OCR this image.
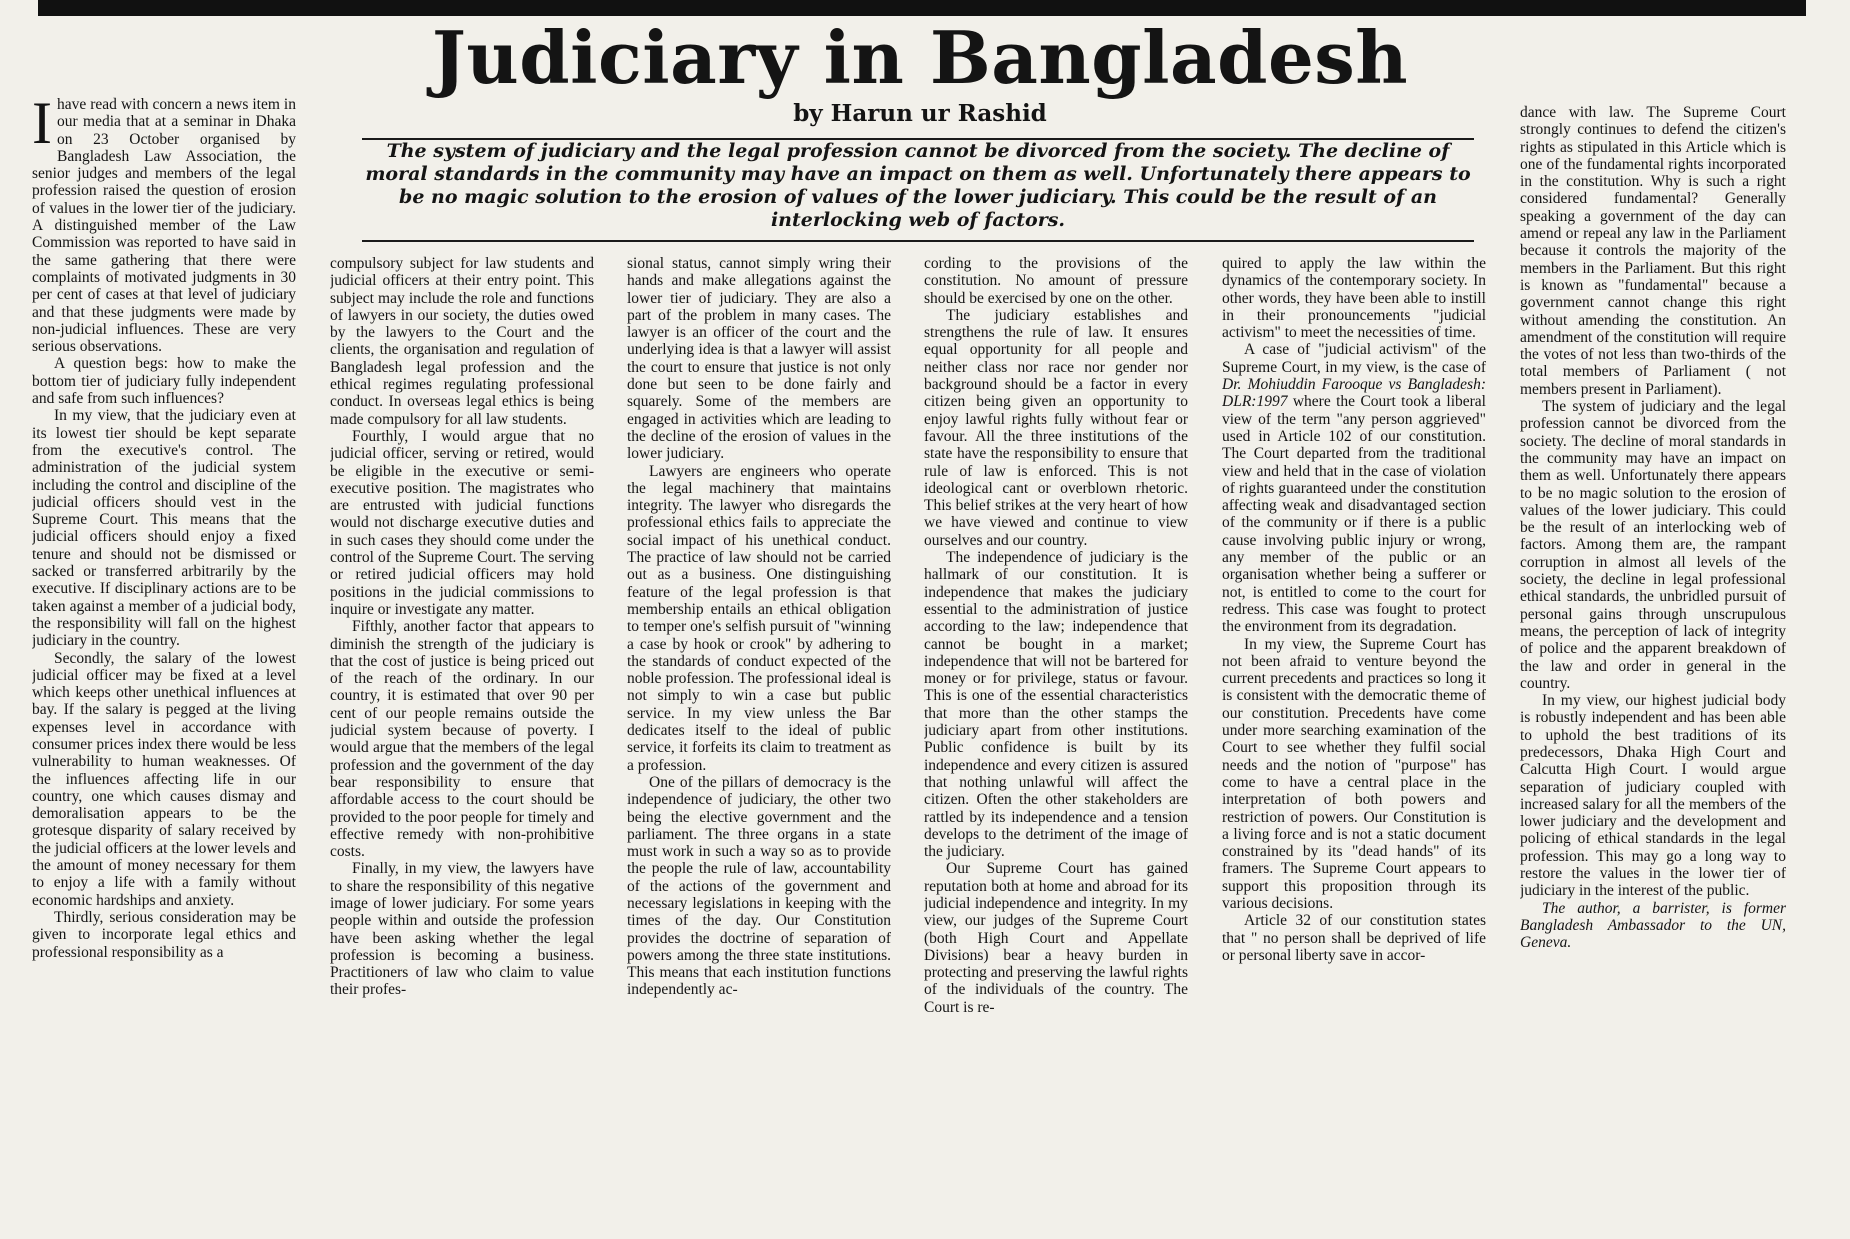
Judiciary in Bangladesh
by Harun ur Rashid
The system of judiciary and the legal profession cannot be divorced from the society. The decline of moral standards in the community may have an impact on them as well. Unfortunately there appears to be no magic solution to the erosion of values of the lower judiciary. This could be the result of an interlocking web of factors.
I have read with concern a news item in our media that at a seminar in Dhaka on 23 October organised by Bangladesh Law Association, the senior judges and members of the legal profession raised the question of erosion of values in the lower tier of the judiciary. A distinguished member of the Law Commission was reported to have said in the same gathering that there were complaints of motivated judgments in 30 per cent of cases at that level of judiciary and that these judgments were made by non-judicial influences. These are very serious observations.

A question begs: how to make the bottom tier of judiciary fully independent and safe from such influences?

In my view, that the judiciary even at its lowest tier should be kept separate from the executive's control. The administration of the judicial system including the control and discipline of the judicial officers should vest in the Supreme Court. This means that the judicial officers should enjoy a fixed tenure and should not be dismissed or sacked or transferred arbitrarily by the executive. If disciplinary actions are to be taken against a member of a judicial body, the responsibility will fall on the highest judiciary in the country.

Secondly, the salary of the lowest judicial officer may be fixed at a level which keeps other unethical influences at bay. If the salary is pegged at the living expenses level in accordance with consumer prices index there would be less vulnerability to human weaknesses. Of the influences affecting life in our country, one which causes dismay and demoralisation appears to be the grotesque disparity of salary received by the judicial officers at the lower levels and the amount of money necessary for them to enjoy a life with a family without economic hardships and anxiety.

Thirdly, serious consideration may be given to incorporate legal ethics and professional responsibility as a

compulsory subject for law students and judicial officers at their entry point. This subject may include the role and functions of lawyers in our society, the duties owed by the lawyers to the Court and the clients, the organisation and regulation of Bangladesh legal profession and the ethical regimes regulating professional conduct. In overseas legal ethics is being made compulsory for all law students.

Fourthly, I would argue that no judicial officer, serving or retired, would be eligible in the executive or semi-executive position. The magistrates who are entrusted with judicial functions would not discharge executive duties and in such cases they should come under the control of the Supreme Court. The serving or retired judicial officers may hold positions in the judicial commissions to inquire or investigate any matter.

Fifthly, another factor that appears to diminish the strength of the judiciary is that the cost of justice is being priced out of the reach of the ordinary. In our country, it is estimated that over 90 per cent of our people remains outside the judicial system because of poverty. I would argue that the members of the legal profession and the government of the day bear responsibility to ensure that affordable access to the court should be provided to the poor people for timely and effective remedy with non-prohibitive costs.

Finally, in my view, the lawyers have to share the responsibility of this negative image of lower judiciary. For some years people within and outside the profession have been asking whether the legal profession is becoming a business. Practitioners of law who claim to value their profes-

sional status, cannot simply wring their hands and make allegations against the lower tier of judiciary. They are also a part of the problem in many cases. The lawyer is an officer of the court and the underlying idea is that a lawyer will assist the court to ensure that justice is not only done but seen to be done fairly and squarely. Some of the members are engaged in activities which are leading to the decline of the erosion of values in the lower judiciary.

Lawyers are engineers who operate the legal machinery that maintains integrity. The lawyer who disregards the professional ethics fails to appreciate the social impact of his unethical conduct. The practice of law should not be carried out as a business. One distinguishing feature of the legal profession is that membership entails an ethical obligation to temper one's selfish pursuit of "winning a case by hook or crook" by adhering to the standards of conduct expected of the noble profession. The professional ideal is not simply to win a case but public service. In my view unless the Bar dedicates itself to the ideal of public service, it forfeits its claim to treatment as a profession.

One of the pillars of democracy is the independence of judiciary, the other two being the elective government and the parliament. The three organs in a state must work in such a way so as to provide the people the rule of law, accountability of the actions of the government and necessary legislations in keeping with the times of the day. Our Constitution provides the doctrine of separation of powers among the three state institutions. This means that each institution functions independently ac-

cording to the provisions of the constitution. No amount of pressure should be exercised by one on the other.

The judiciary establishes and strengthens the rule of law. It ensures equal opportunity for all people and neither class nor race nor gender nor background should be a factor in every citizen being given an opportunity to enjoy lawful rights fully without fear or favour. All the three institutions of the state have the responsibility to ensure that rule of law is enforced. This is not ideological cant or overblown rhetoric. This belief strikes at the very heart of how we have viewed and continue to view ourselves and our country.

The independence of judiciary is the hallmark of our constitution. It is independence that makes the judiciary essential to the administration of justice according to the law; independence that cannot be bought in a market; independence that will not be bartered for money or for privilege, status or favour. This is one of the essential characteristics that more than the other stamps the judiciary apart from other institutions. Public confidence is built by its independence and every citizen is assured that nothing unlawful will affect the citizen. Often the other stakeholders are rattled by its independence and a tension develops to the detriment of the image of the judiciary.

Our Supreme Court has gained reputation both at home and abroad for its judicial independence and integrity. In my view, our judges of the Supreme Court (both High Court and Appellate Divisions) bear a heavy burden in protecting and preserving the lawful rights of the individuals of the country. The Court is re-

quired to apply the law within the dynamics of the contemporary society. In other words, they have been able to instill in their pronouncements "judicial activism" to meet the necessities of time.

A case of "judicial activism" of the Supreme Court, in my view, is the case of Dr. Mohiuddin Farooque vs Bangladesh: DLR:1997 where the Court took a liberal view of the term "any person aggrieved" used in Article 102 of our constitution. The Court departed from the traditional view and held that in the case of violation of rights guaranteed under the constitution affecting weak and disadvantaged section of the community or if there is a public cause involving public injury or wrong, any member of the public or an organisation whether being a sufferer or not, is entitled to come to the court for redress. This case was fought to protect the environment from its degradation.

In my view, the Supreme Court has not been afraid to venture beyond the current precedents and practices so long it is consistent with the democratic theme of our constitution. Precedents have come under more searching examination of the Court to see whether they fulfil social needs and the notion of "purpose" has come to have a central place in the interpretation of both powers and restriction of powers. Our Constitution is a living force and is not a static document constrained by its "dead hands" of its framers. The Supreme Court appears to support this proposition through its various decisions.

Article 32 of our constitution states that " no person shall be deprived of life or personal liberty save in accor-

dance with law. The Supreme Court strongly continues to defend the citizen's rights as stipulated in this Article which is one of the fundamental rights incorporated in the constitution. Why is such a right considered fundamental? Generally speaking a government of the day can amend or repeal any law in the Parliament because it controls the majority of the members in the Parliament. But this right is known as "fundamental" because a government cannot change this right without amending the constitution. An amendment of the constitution will require the votes of not less than two-thirds of the total members of Parliament ( not members present in Parliament).

The system of judiciary and the legal profession cannot be divorced from the society. The decline of moral standards in the community may have an impact on them as well. Unfortunately there appears to be no magic solution to the erosion of values of the lower judiciary. This could be the result of an interlocking web of factors. Among them are, the rampant corruption in almost all levels of the society, the decline in legal professional ethical standards, the unbridled pursuit of personal gains through unscrupulous means, the perception of lack of integrity of police and the apparent breakdown of the law and order in general in the country.

In my view, our highest judicial body is robustly independent and has been able to uphold the best traditions of its predecessors, Dhaka High Court and Calcutta High Court. I would argue separation of judiciary coupled with increased salary for all the members of the lower judiciary and the development and policing of ethical standards in the legal profession. This may go a long way to restore the values in the lower tier of judiciary in the interest of the public.

The author, a barrister, is former Bangladesh Ambassador to the UN, Geneva.
